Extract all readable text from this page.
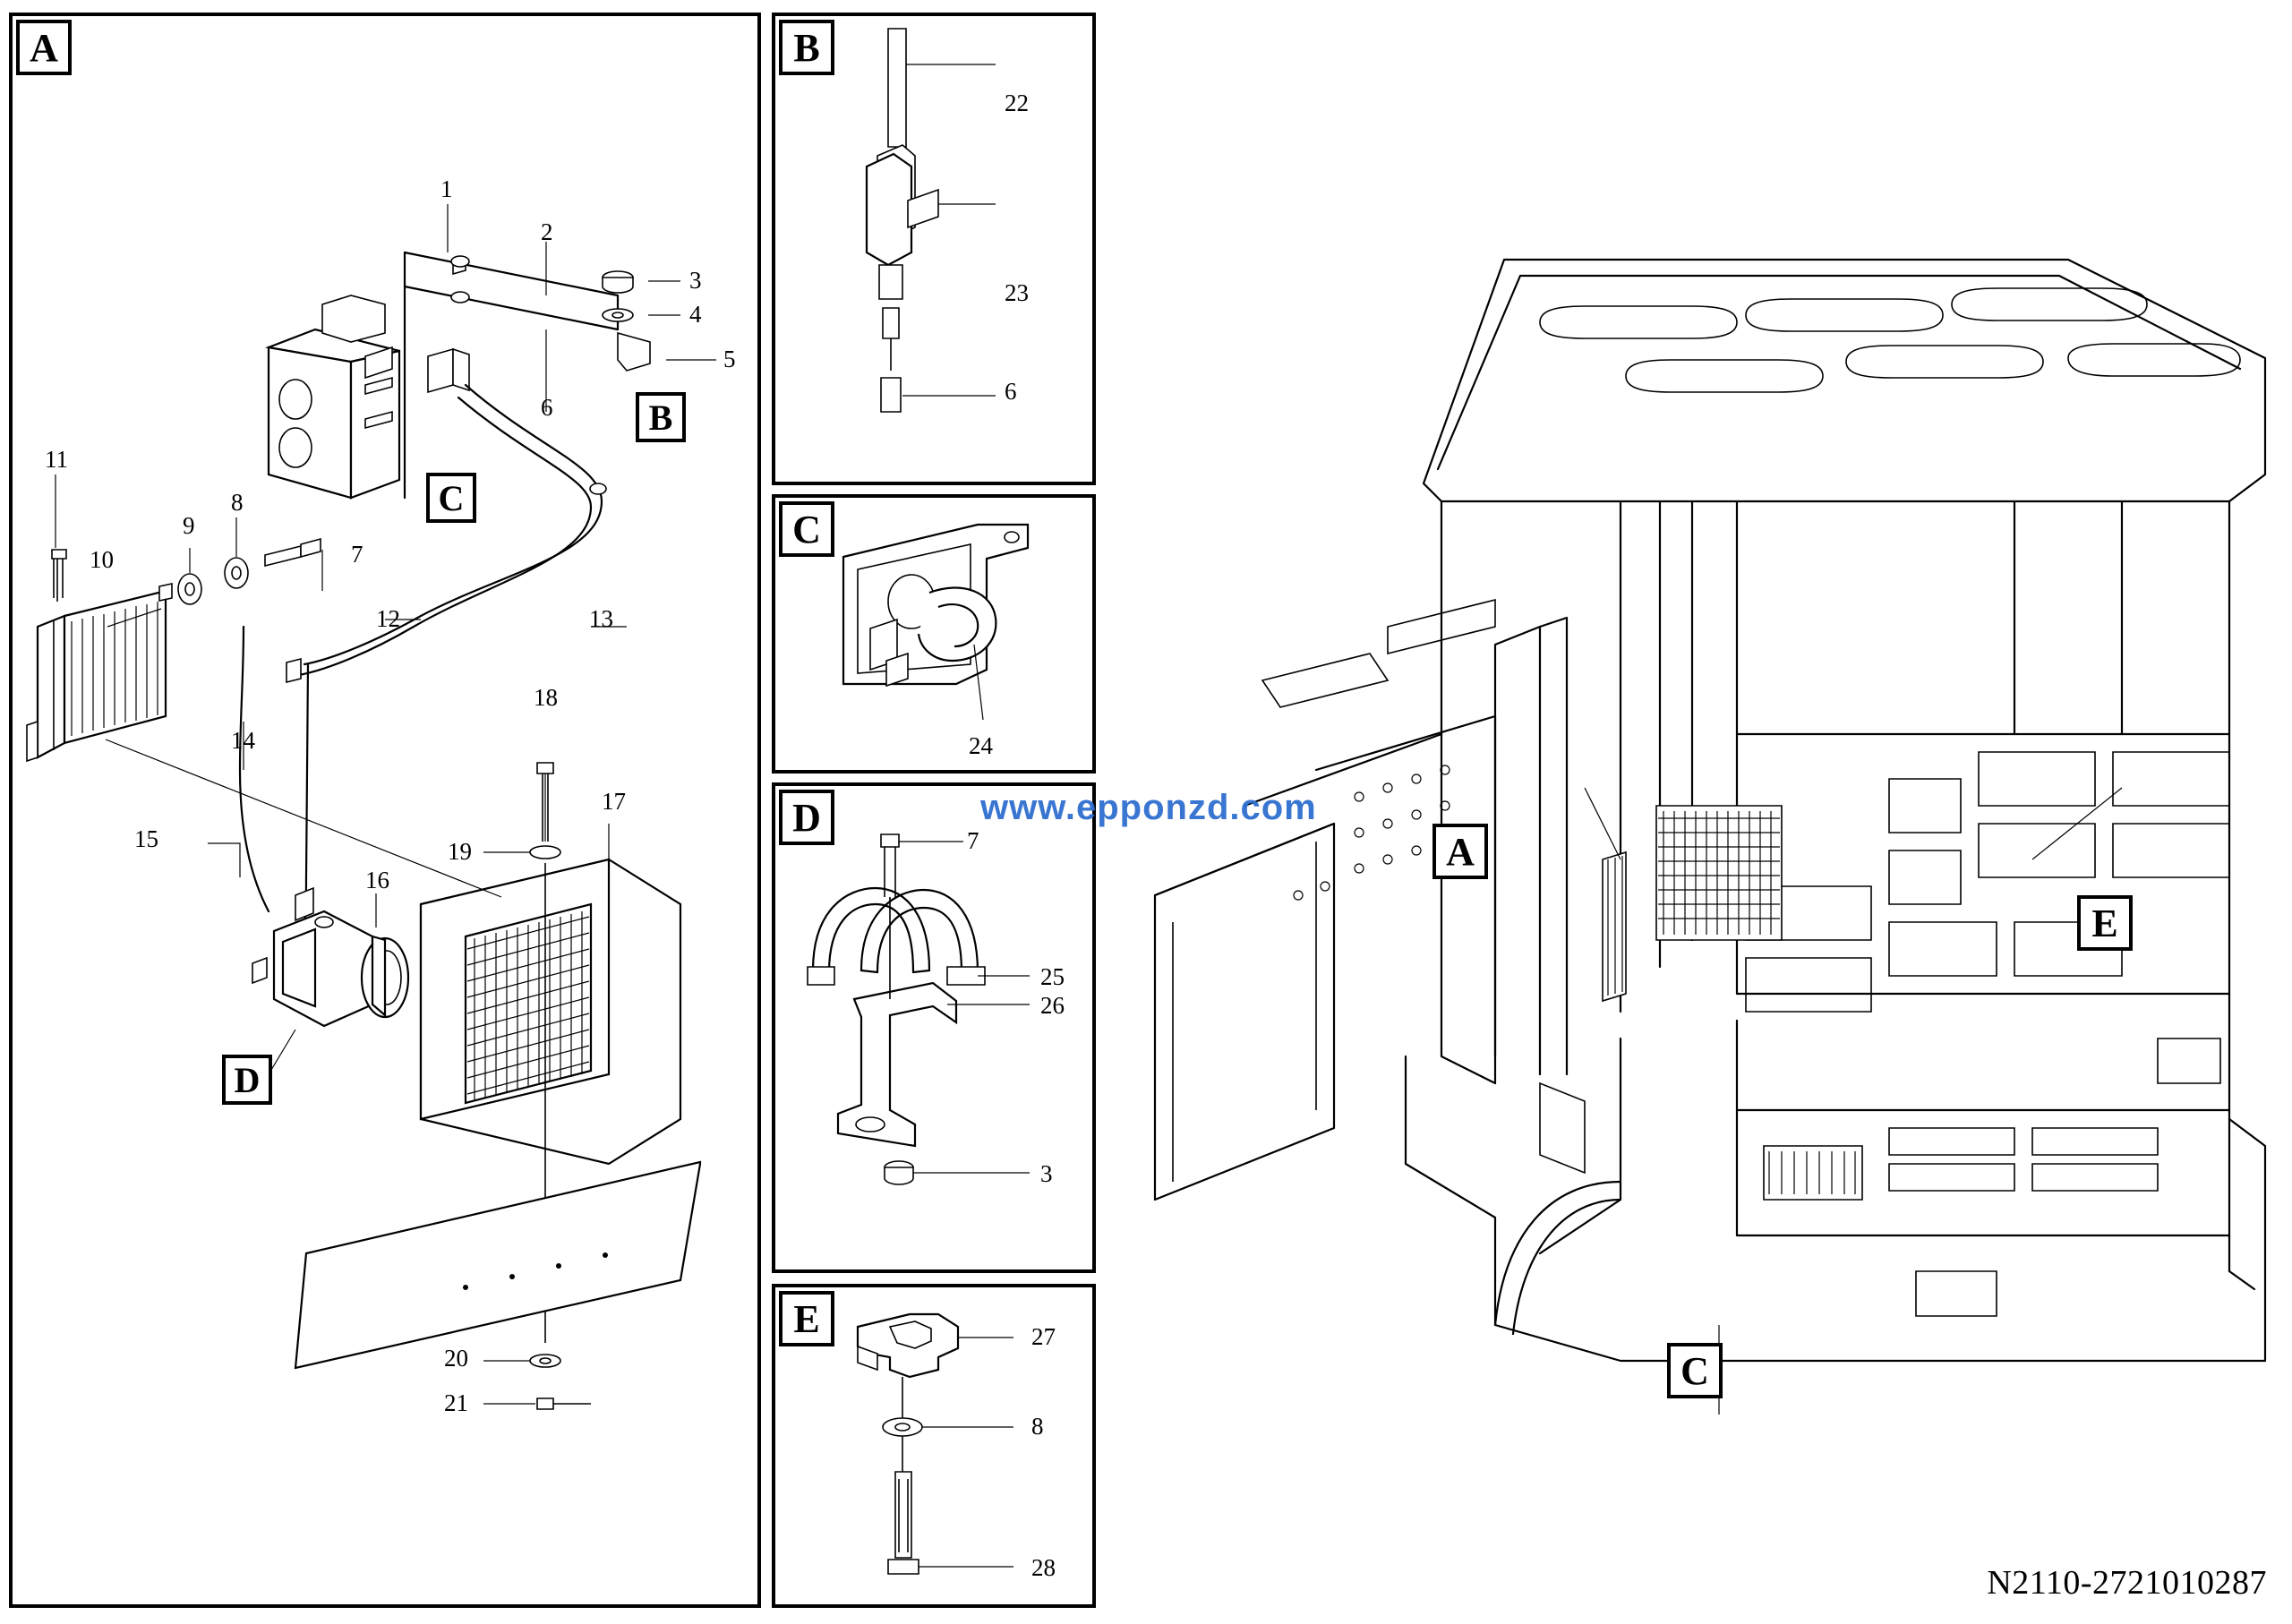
A
1
2
3
4
5
6
7
8
9
10
11
12	13
14
15
16
17
18
19
20
21
B
C
D
B
22
23
6
C
24
D
7
25
26
3
E	27
8
28
A
E
C
www.epponzd.com
N2110-2721010287
